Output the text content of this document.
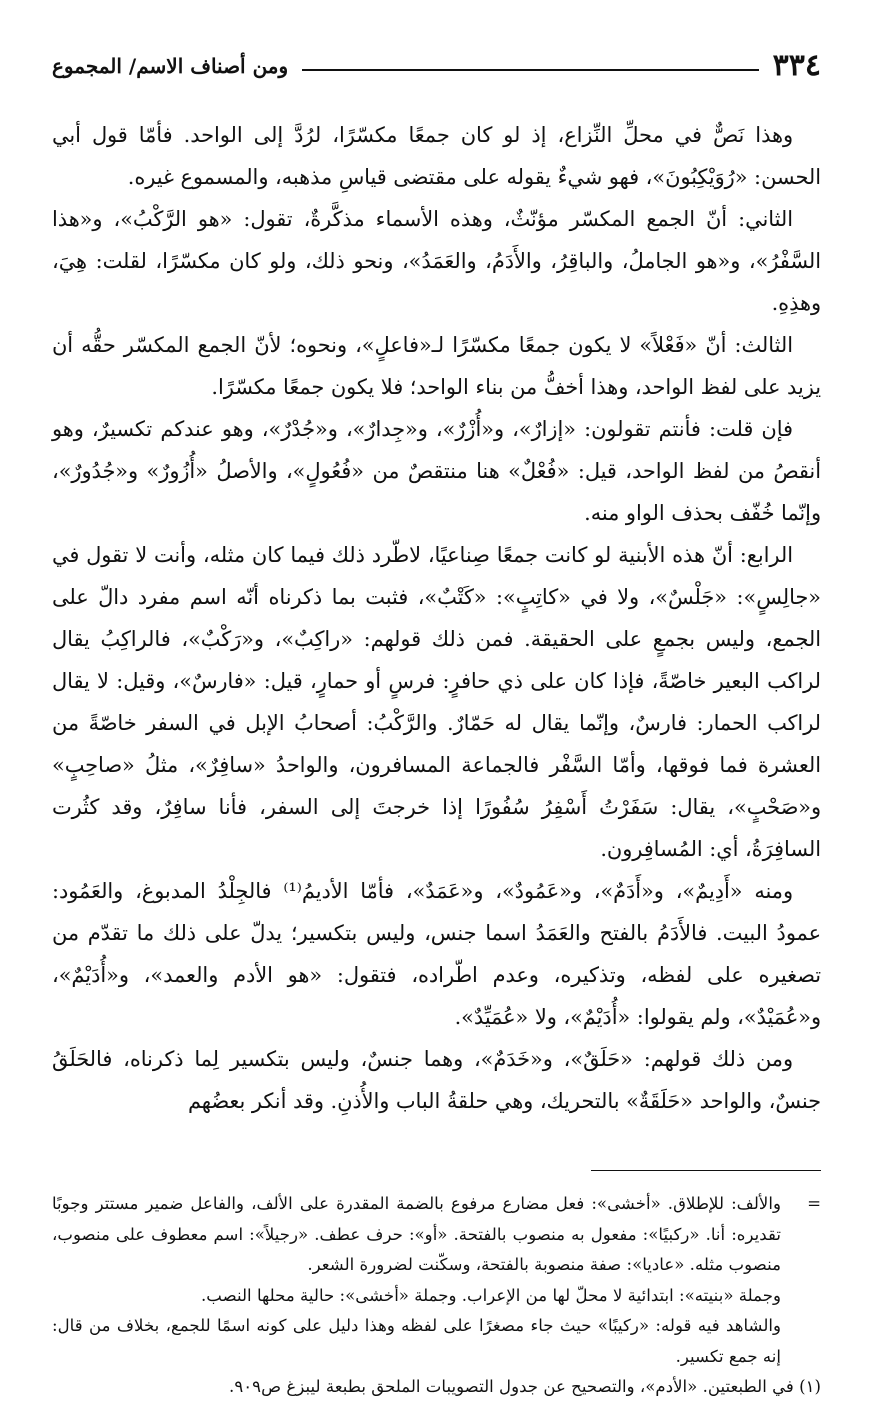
٣٣٤
ومن أصناف الاسم/ المجموع

وهذا نَصٌّ في محلِّ النِّزاع، إذ لو كان جمعًا مكسّرًا، لرُدَّ إلى الواحد. فأمّا قول أبي الحسن: «رُوَيْكِبُونَ»، فهو شيءٌ يقوله على مقتضى قياسِ مذهبه، والمسموع غيره.

الثاني: أنّ الجمع المكسّر مؤنّثٌ، وهذه الأسماء مذكَّرةٌ، تقول: «هو الرَّكْبُ»، و«هذا السَّفْرُ»، و«هو الجاملُ، والباقِرُ، والأَدَمُ، والعَمَدُ»، ونحو ذلك، ولو كان مكسّرًا، لقلت: هِيَ، وهذِهِ.

الثالث: أنّ «فَعْلاً» لا يكون جمعًا مكسّرًا لـ«فاعلٍ»، ونحوه؛ لأنّ الجمع المكسّر حقُّه أن يزيد على لفظ الواحد، وهذا أخفُّ من بناء الواحد؛ فلا يكون جمعًا مكسّرًا.

فإن قلت: فأنتم تقولون: «إزارٌ»، و«أُزْرٌ»، و«جِدارٌ»، و«جُدْرٌ»، وهو عندكم تكسيرٌ، وهو أنقصُ من لفظ الواحد، قيل: «فُعْلٌ» هنا منتقصٌ من «فُعُولٍ»، والأصلُ «أُزُورٌ» و«جُدُورٌ»، وإنّما خُفّف بحذف الواو منه.

الرابع: أنّ هذه الأبنية لو كانت جمعًا صِناعيًا، لاطّرد ذلك فيما كان مثله، وأنت لا تقول في «جالِسٍ»: «جَلْسٌ»، ولا في «كاتِبٍ»: «كَتْبٌ»، فثبت بما ذكرناه أنّه اسم مفرد دالّ على الجمع، وليس بجمعٍ على الحقيقة. فمن ذلك قولهم: «راكِبٌ»، و«رَكْبٌ»، فالراكِبُ يقال لراكب البعير خاصّةً، فإذا كان على ذي حافرٍ: فرسٍ أو حمارٍ، قيل: «فارسٌ»، وقيل: لا يقال لراكب الحمار: فارسٌ، وإنّما يقال له حَمّارٌ. والرَّكْبُ: أصحابُ الإبل في السفر خاصّةً من العشرة فما فوقها، وأمّا السَّفْر فالجماعة المسافرون، والواحدُ «سافِرٌ»، مثلُ «صاحِبٍ» و«صَحْبٍ»، يقال: سَفَرْتُ أَسْفِرُ سُفُورًا إذا خرجتَ إلى السفر، فأنا سافِرٌ، وقد كثُرت السافِرَةُ، أي: المُسافِرون.

ومنه «أَدِيمٌ»، و«أَدَمٌ»، و«عَمُودٌ»، و«عَمَدٌ»، فأمّا الأديمُ⁽¹⁾ فالجِلْدُ المدبوغ، والعَمُود: عمودُ البيت. فالأَدَمُ بالفتح والعَمَدُ اسما جنس، وليس بتكسير؛ يدلّ على ذلك ما تقدّم من تصغيره على لفظه، وتذكيره، وعدم اطّراده، فتقول: «هو الأدم والعمد»، و«أُدَيْمٌ»، و«عُمَيْدٌ»، ولم يقولوا: «أُدَيْمٌ»، ولا «عُمَيِّدٌ».

ومن ذلك قولهم: «حَلَقٌ»، و«خَدَمٌ»، وهما جنسٌ، وليس بتكسير لِما ذكرناه، فالحَلَقُ جنسٌ، والواحد «حَلَقَةٌ» بالتحريك، وهي حلقةُ الباب والأُذنِ. وقد أنكر بعضُهم

=والألف: للإطلاق. «أخشى»: فعل مضارع مرفوع بالضمة المقدرة على الألف، والفاعل ضمير مستتر وجوبًا تقديره: أنا. «ركبيًا»: مفعول به منصوب بالفتحة. «أو»: حرف عطف. «رجيلاً»: اسم معطوف على منصوب، منصوب مثله. «عاديا»: صفة منصوبة بالفتحة، وسكّنت لضرورة الشعر.

وجملة «بنيته»: ابتدائية لا محلّ لها من الإعراب. وجملة «أخشى»: حالية محلها النصب.

والشاهد فيه قوله: «ركيبًا» حيث جاء مصغرًا على لفظه وهذا دليل على كونه اسمًا للجمع، بخلاف من قال: إنه جمع تكسير.

(١) في الطبعتين. «الأدم»، والتصحيح عن جدول التصويبات الملحق بطبعة ليبزغ ص٩٠٩.
